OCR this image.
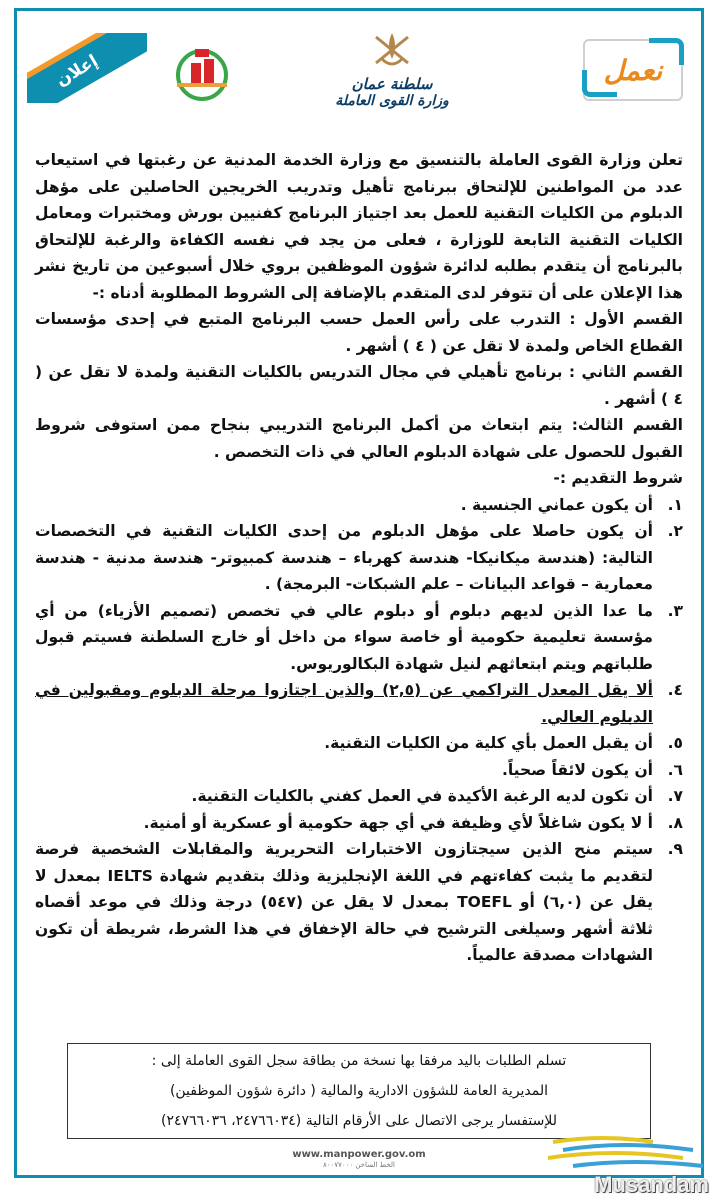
إعلان	سلطنة عمان
وزارة القوى العاملة
نعمل

تعلن وزارة القوى العاملة بالتنسيق مع وزارة الخدمة المدنية عن رغبتها في استيعاب عدد من المواطنين للإلتحاق ببرنامج تأهيل وتدريب الخريجين الحاصلين على مؤهل الدبلوم من الكليات التقنية للعمل بعد اجتياز البرنامج كفنيين بورش ومختبرات ومعامل الكليات التقنية التابعة للوزارة ، فعلى من يجد في نفسه الكفاءة والرغبة للإلتحاق بالبرنامج أن يتقدم بطلبه لدائرة شؤون الموظفين بروي خلال أسبوعين من تاريخ نشر هذا الإعلان على أن تتوفر لدى المتقدم بالإضافة إلى الشروط المطلوبة أدناه :-

القسم الأول : التدرب على رأس العمل حسب البرنامج المتبع في إحدى مؤسسات القطاع الخاص ولمدة لا تقل عن ( ٤ ) أشهر .

القسم الثاني : برنامج تأهيلي في مجال التدريس بالكليات التقنية ولمدة لا تقل عن ( ٤ ) أشهر .

القسم الثالث: يتم ابتعاث من أكمل البرنامج التدريبي بنجاح ممن استوفى شروط القبول للحصول على شهادة الدبلوم العالي في ذات التخصص .

شروط التقديم :-

١.
أن يكون عماني الجنسية .
٢.
أن يكون حاصلا على مؤهل الدبلوم من إحدى الكليات التقنية في التخصصات التالية: (هندسة ميكانيكا- هندسة كهرباء – هندسة كمبيوتر- هندسة مدنية - هندسة معمارية – قواعد البيانات – علم الشبكات- البرمجة) .
٣.
ما عدا الذين لديهم دبلوم أو دبلوم عالي في تخصص (تصميم الأزياء) من أي مؤسسة تعليمية حكومية أو خاصة سواء من داخل أو خارج السلطنة فسيتم قبول طلباتهم ويتم ابتعاثهم لنيل شهادة البكالوريوس.
٤.
ألا يقل المعدل التراكمي عن (٢,٥) والذين اجتازوا مرحلة الدبلوم ومقبولين في الدبلوم العالي.
٥.
أن يقبل العمل بأي كلية من الكليات التقنية.
٦.
أن يكون لائقاً صحياً.
٧.
أن تكون لديه الرغبة الأكيدة في العمل كفني بالكليات التقنية.
٨.
أ لا يكون شاغلاً لأي وظيفة في أي جهة حكومية أو عسكرية أو أمنية.
٩.
سيتم منح الذين سيجتازون الاختبارات التحريرية والمقابلات الشخصية فرصة لتقديم ما يثبت كفاءتهم في اللغة الإنجليزية وذلك بتقديم شهادة IELTS بمعدل لا يقل عن (٦,٠) أو TOEFL بمعدل لا يقل عن (٥٤٧) درجة وذلك في موعد أقصاه ثلاثة أشهر وسيلغى الترشيح في حالة الإخفاق في هذا الشرط، شريطة أن تكون الشهادات مصدقة عالمياً.
تسلم الطلبات باليد مرفقا بها نسخة من بطاقة سجل القوى العاملة إلى :
المديرية العامة للشؤون الادارية والمالية ( دائرة شؤون الموظفين)
للإستفسار يرجى الاتصال على الأرقام التالية (٢٤٧٦٦٠٣٤، ٢٤٧٦٦٠٣٦)
www.manpower.gov.om
الخط الساخن ٨٠٠٧٧٠٠٠
Musandam
